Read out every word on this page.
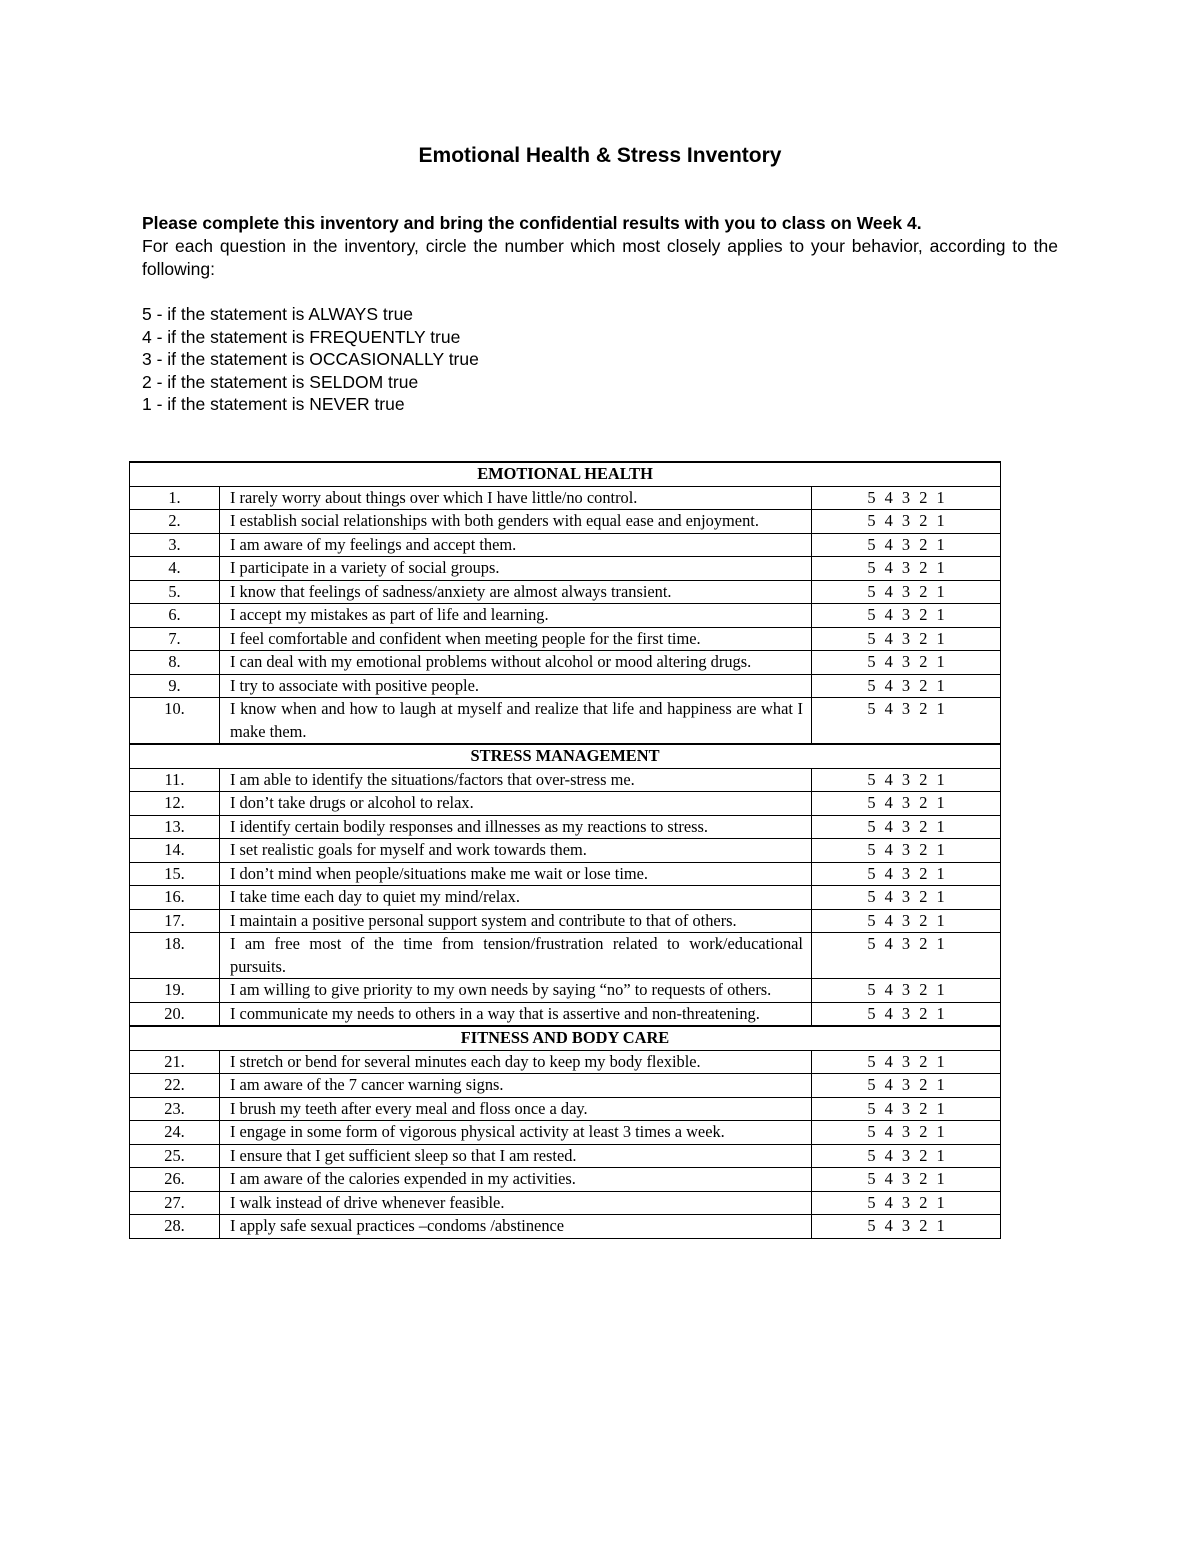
Emotional Health & Stress Inventory
Please complete this inventory and bring the confidential results with you to class on Week 4.
For each question in the inventory, circle the number which most closely applies to your behavior, according to the following:
5 - if the statement is ALWAYS true
4 - if the statement is FREQUENTLY true
3 - if the statement is OCCASIONALLY true
2 - if the statement is SELDOM true
1 - if the statement is NEVER true
EMOTIONAL HEALTH		
1.	I rarely worry about things over which I have little/no control.	5 4 3 2 1
2.	I establish social relationships with both genders with equal ease and enjoyment.	5 4 3 2 1
3.	I am aware of my feelings and accept them.	5 4 3 2 1
4.	I participate in a variety of social groups.	5 4 3 2 1
5.	I know that feelings of sadness/anxiety are almost always transient.	5 4 3 2 1
6.	I accept my mistakes as part of life and learning.	5 4 3 2 1
7.	I feel comfortable and confident when meeting people for the first time.	5 4 3 2 1
8.	I can deal with my emotional problems without alcohol or mood altering drugs.	5 4 3 2 1
9.	I try to associate with positive people.	5 4 3 2 1
10.	I know when and how to laugh at myself and realize that life and happiness are what I make them.	5 4 3 2 1
STRESS MANAGEMENT		
11.	I am able to identify the situations/factors that over-stress me.	5 4 3 2 1
12.	I don’t take drugs or alcohol to relax.	5 4 3 2 1
13.	I identify certain bodily responses and illnesses as my reactions to stress.	5 4 3 2 1
14.	I set realistic goals for myself and work towards them.	5 4 3 2 1
15.	I don’t mind when people/situations make me wait or lose time.	5 4 3 2 1
16.	I take time each day to quiet my mind/relax.	5 4 3 2 1
17.	I maintain a positive personal support system and contribute to that of others.	5 4 3 2 1
18.	I am free most of the time from tension/frustration related to work/educational pursuits.	5 4 3 2 1
19.	I am willing to give priority to my own needs by saying “no” to requests of others.	5 4 3 2 1
20.	I communicate my needs to others in a way that is assertive and non-threatening.	5 4 3 2 1
FITNESS AND BODY CARE		
21.	I stretch or bend for several minutes each day to keep my body flexible.	5 4 3 2 1
22.	I am aware of the 7 cancer warning signs.	5 4 3 2 1
23.	I brush my teeth after every meal and floss once a day.	5 4 3 2 1
24.	I engage in some form of vigorous physical activity at least 3 times a week.	5 4 3 2 1
25.	I ensure that I get sufficient sleep so that I am rested.	5 4 3 2 1
26.	I am aware of the calories expended in my activities.	5 4 3 2 1
27.	I walk instead of drive whenever feasible.	5 4 3 2 1
28.	I apply safe sexual practices –condoms /abstinence	5 4 3 2 1
